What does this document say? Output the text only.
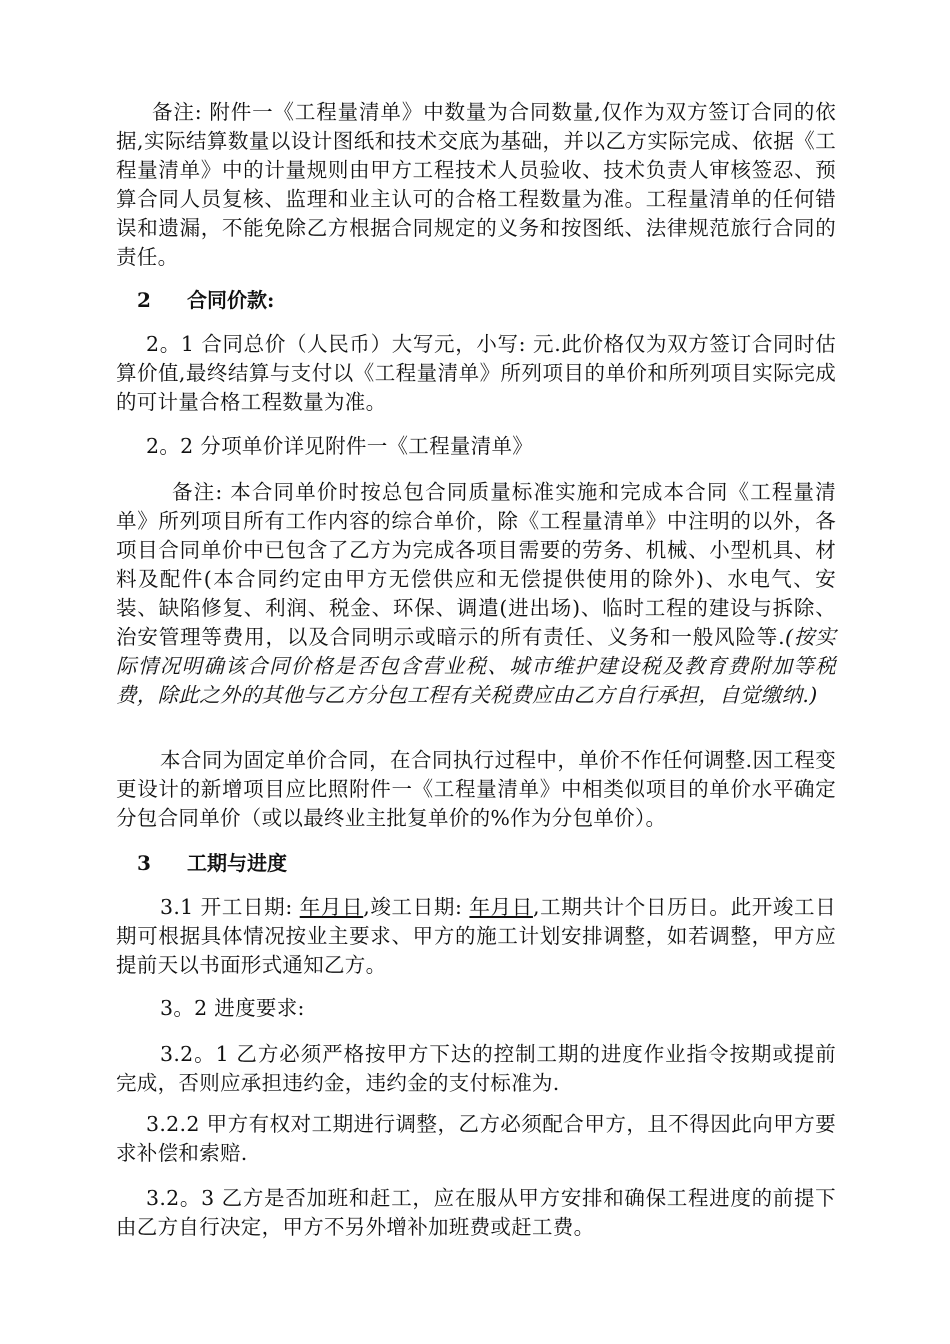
备注: 附件一《工程量清单》中数量为合同数量,仅作为双方签订合同的依据,实际结算数量以设计图纸和技术交底为基础，并以乙方实际完成、依据《工程量清单》中的计量规则由甲方工程技术人员验收、技术负责人审核签忍、预算合同人员复核、监理和业主认可的合格工程数量为准。工程量清单的任何错误和遗漏，不能免除乙方根据合同规定的义务和按图纸、法律规范旅行合同的责任。
2 合同价款:
2。1 合同总价（人民币）大写元，小写: 元.此价格仅为双方签订合同时估算价值,最终结算与支付以《工程量清单》所列项目的单价和所列项目实际完成的可计量合格工程数量为准。
2。2 分项单价详见附件一《工程量清单》
备注: 本合同单价时按总包合同质量标准实施和完成本合同《工程量清单》所列项目所有工作内容的综合单价，除《工程量清单》中注明的以外，各项目合同单价中已包含了乙方为完成各项目需要的劳务、机械、小型机具、材料及配件(本合同约定由甲方无偿供应和无偿提供使用的除外)、水电气、安装、缺陷修复、利润、税金、环保、调遣(进出场)、临时工程的建设与拆除、治安管理等费用，以及合同明示或暗示的所有责任、义务和一般风险等.(按实际情况明确该合同价格是否包含营业税、城市维护建设税及教育费附加等税费，除此之外的其他与乙方分包工程有关税费应由乙方自行承担，自觉缴纳.)
本合同为固定单价合同，在合同执行过程中，单价不作任何调整.因工程变更设计的新增项目应比照附件一《工程量清单》中相类似项目的单价水平确定分包合同单价（或以最终业主批复单价的%作为分包单价）。
3 工期与进度
3.1 开工日期: 年月日,竣工日期: 年月日,工期共计个日历日。此开竣工日期可根据具体情况按业主要求、甲方的施工计划安排调整，如若调整，甲方应提前天以书面形式通知乙方。
3。2 进度要求:
3.2。1 乙方必须严格按甲方下达的控制工期的进度作业指令按期或提前完成，否则应承担违约金，违约金的支付标准为.
3.2.2 甲方有权对工期进行调整，乙方必须配合甲方，且不得因此向甲方要求补偿和索赔.
3.2。3 乙方是否加班和赶工，应在服从甲方安排和确保工程进度的前提下由乙方自行决定，甲方不另外增补加班费或赶工费。
